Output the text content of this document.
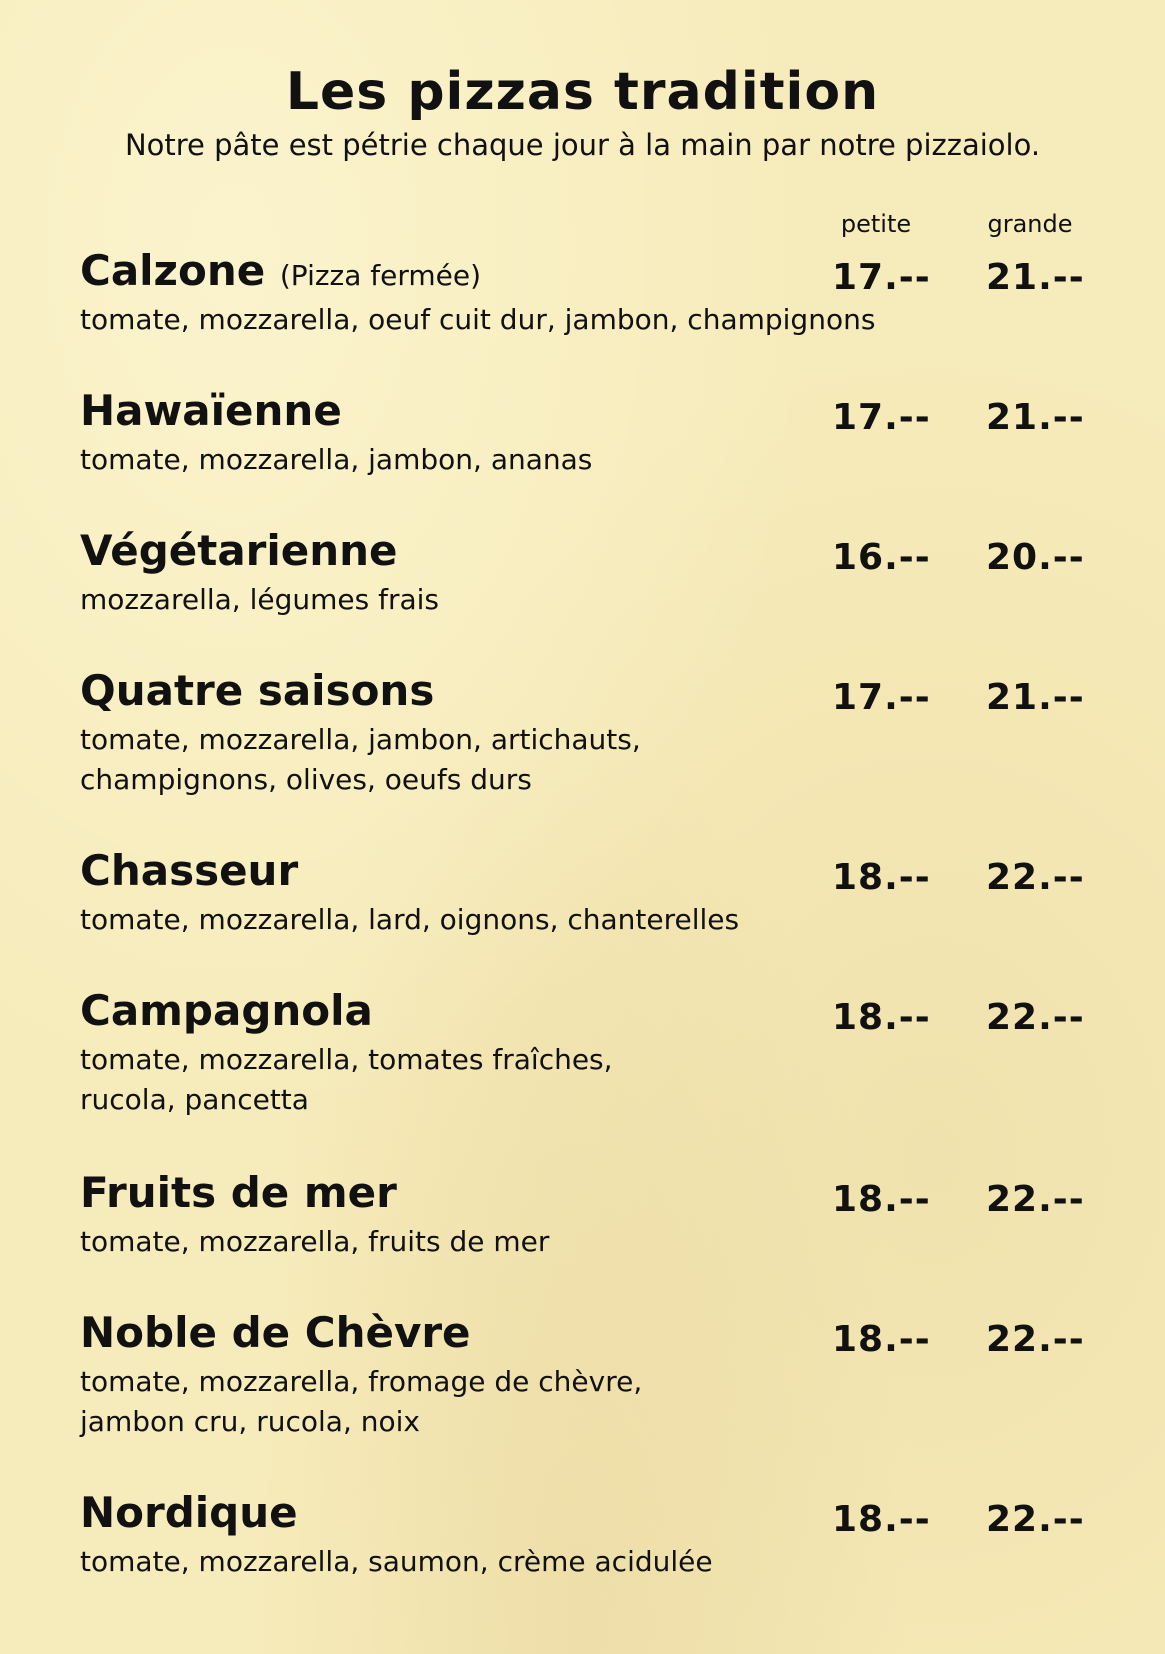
Les pizzas tradition
Notre pâte est pétrie chaque jour à la main par notre pizzaiolo.
petite	grande
Calzone (Pizza fermée)
tomate, mozzarella, oeuf cuit dur, jambon, champignons
17.-- 21.--
Hawaïenne
tomate, mozzarella, jambon, ananas
17.-- 21.--
Végétarienne
mozzarella, légumes frais
16.-- 20.--
Quatre saisons
tomate, mozzarella, jambon, artichauts,
champignons, olives, oeufs durs
17.-- 21.--
Chasseur
tomate, mozzarella, lard, oignons, chanterelles
18.-- 22.--
Campagnola
tomate, mozzarella, tomates fraîches,
rucola, pancetta
18.-- 22.--
Fruits de mer
tomate, mozzarella, fruits de mer
18.-- 22.--
Noble de Chèvre
tomate, mozzarella, fromage de chèvre,
jambon cru, rucola, noix
18.-- 22.--
Nordique
tomate, mozzarella, saumon, crème acidulée
18.-- 22.--
